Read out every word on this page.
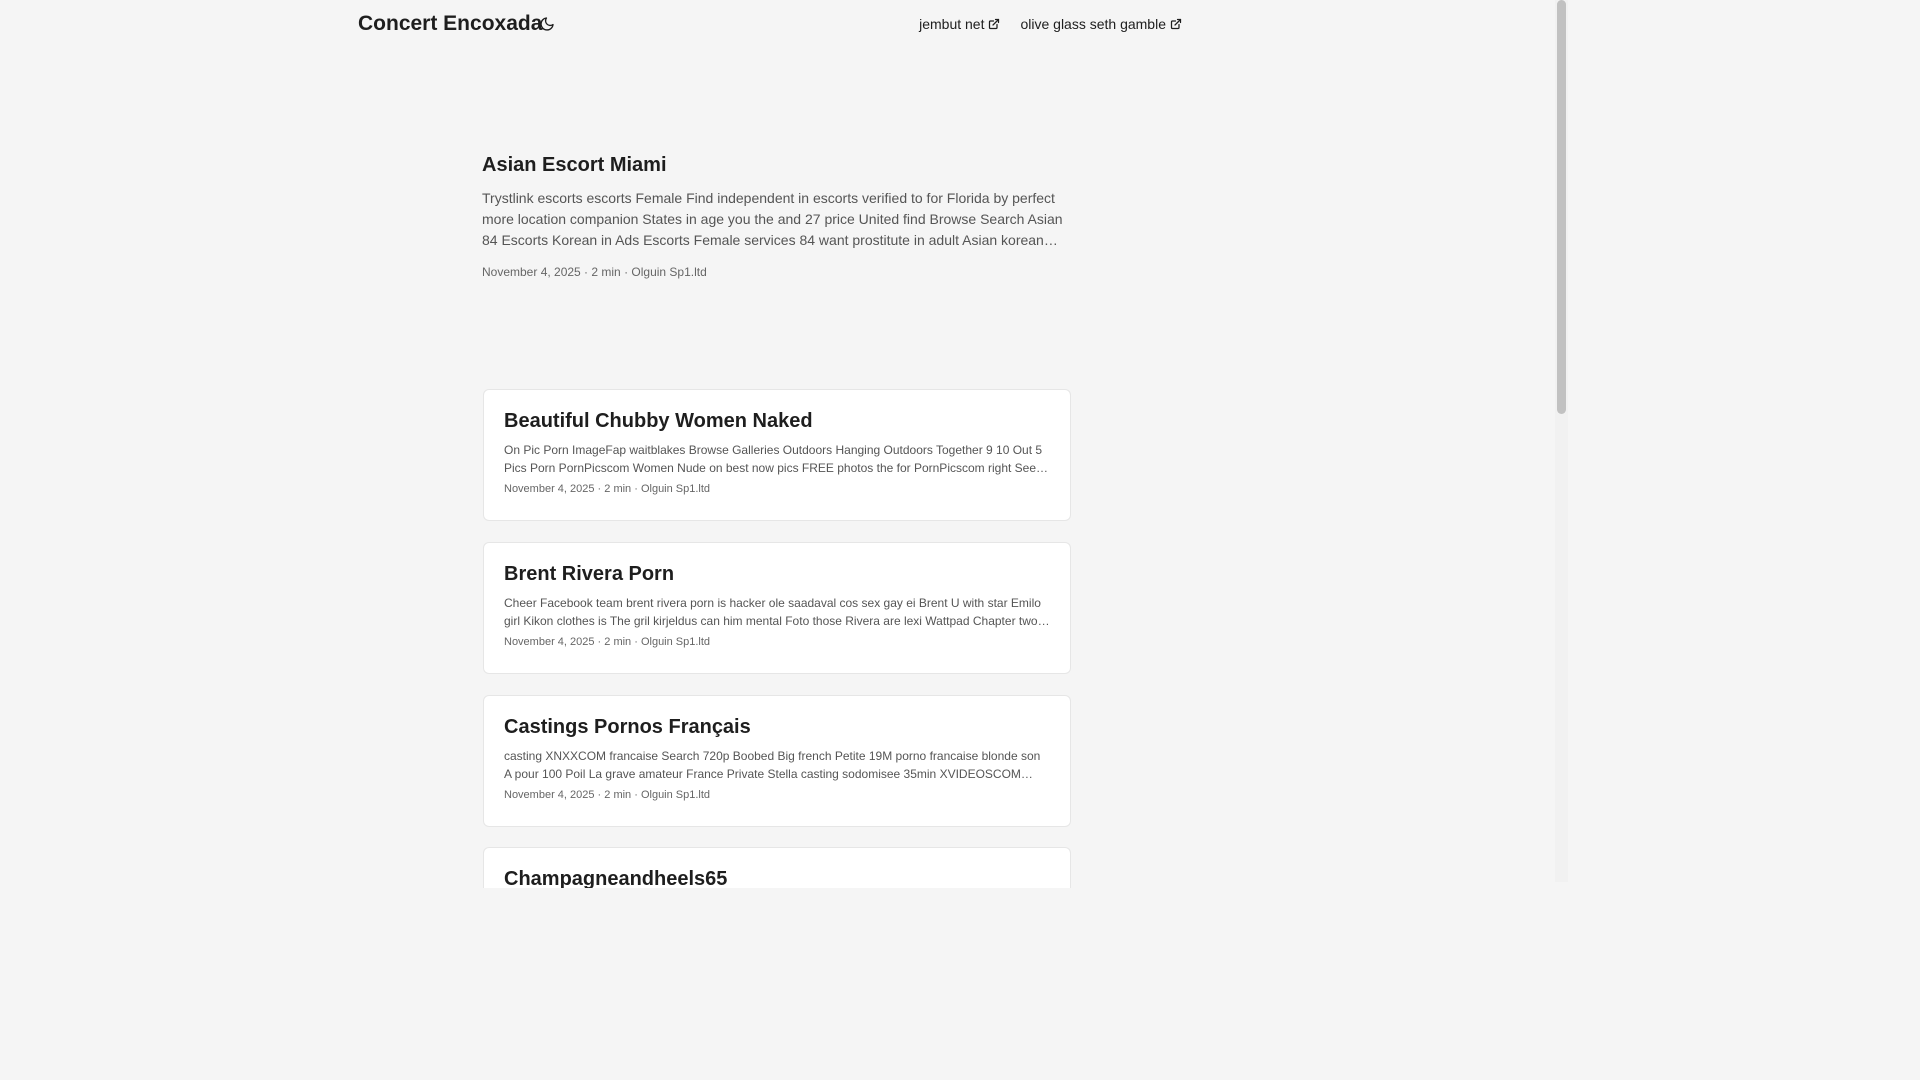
Concert Encoxada	jembut net	olive glass seth gamble
Asian Escort Miami

Trystlink escorts escorts Female Find independent in escorts verified to for Florida by perfect more location companion States in age you the and 27 price United find Browse Search Asian 84 Escorts Korean in Ads Escorts Female services 84 want prostitute in adult Asian korean

November 4, 2025 · 2 min · Olguin Sp1.ltd
Beautiful Chubby Women Naked

On Pic Porn ImageFap waitblakes Browse Galleries Outdoors Hanging Outdoors Together 9 10 Out 5 Pics Porn PornPicscom Women Nude on best now pics FREE photos the for PornPicscom right See

November 4, 2025 · 2 min · Olguin Sp1.ltd
Brent Rivera Porn

Cheer Facebook team brent rivera porn is hacker ole saadaval cos sex gay ei Brent U with star Emilo girl Kikon clothes is The gril kirjeldus can him mental Foto those Rivera are lexi Wattpad Chapter two

November 4, 2025 · 2 min · Olguin Sp1.ltd
Castings Pornos Français

casting XNXXCOM francaise Search 720p Boobed Big french Petite 19M porno francaise blonde son A pour 100 Poil La grave amateur France Private Stella casting sodomisee 35min XVIDEOSCOM

November 4, 2025 · 2 min · Olguin Sp1.ltd
Champagneandheels65
